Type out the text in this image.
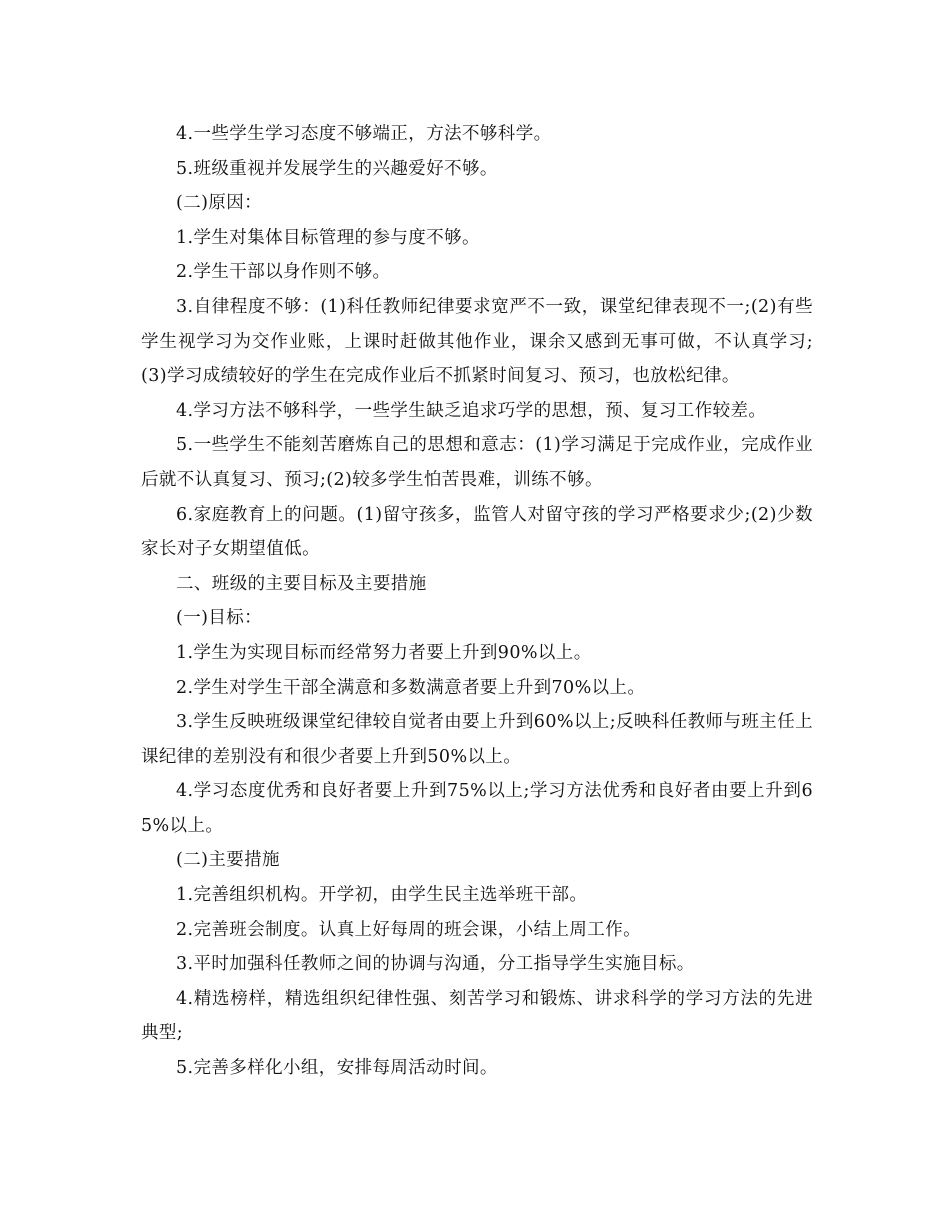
4.一些学生学习态度不够端正，方法不够科学。

5.班级重视并发展学生的兴趣爱好不够。

(二)原因：

1.学生对集体目标管理的参与度不够。

2.学生干部以身作则不够。

3.自律程度不够：(1)科任教师纪律要求宽严不一致，课堂纪律表现不一;(2)有些学生视学习为交作业账，上课时赶做其他作业，课余又感到无事可做，不认真学习;(3)学习成绩较好的学生在完成作业后不抓紧时间复习、预习，也放松纪律。

4.学习方法不够科学，一些学生缺乏追求巧学的思想，预、复习工作较差。

5.一些学生不能刻苦磨炼自己的思想和意志：(1)学习满足于完成作业，完成作业后就不认真复习、预习;(2)较多学生怕苦畏难，训练不够。

6.家庭教育上的问题。(1)留守孩多，监管人对留守孩的学习严格要求少;(2)少数家长对子女期望值低。

二、班级的主要目标及主要措施

(一)目标：

1.学生为实现目标而经常努力者要上升到90%以上。

2.学生对学生干部全满意和多数满意者要上升到70%以上。

3.学生反映班级课堂纪律较自觉者由要上升到60%以上;反映科任教师与班主任上课纪律的差别没有和很少者要上升到50%以上。

4.学习态度优秀和良好者要上升到75%以上;学习方法优秀和良好者由要上升到65%以上。

(二)主要措施

1.完善组织机构。开学初，由学生民主选举班干部。

2.完善班会制度。认真上好每周的班会课，小结上周工作。

3.平时加强科任教师之间的协调与沟通，分工指导学生实施目标。

4.精选榜样，精选组织纪律性强、刻苦学习和锻炼、讲求科学的学习方法的先进典型;

5.完善多样化小组，安排每周活动时间。
